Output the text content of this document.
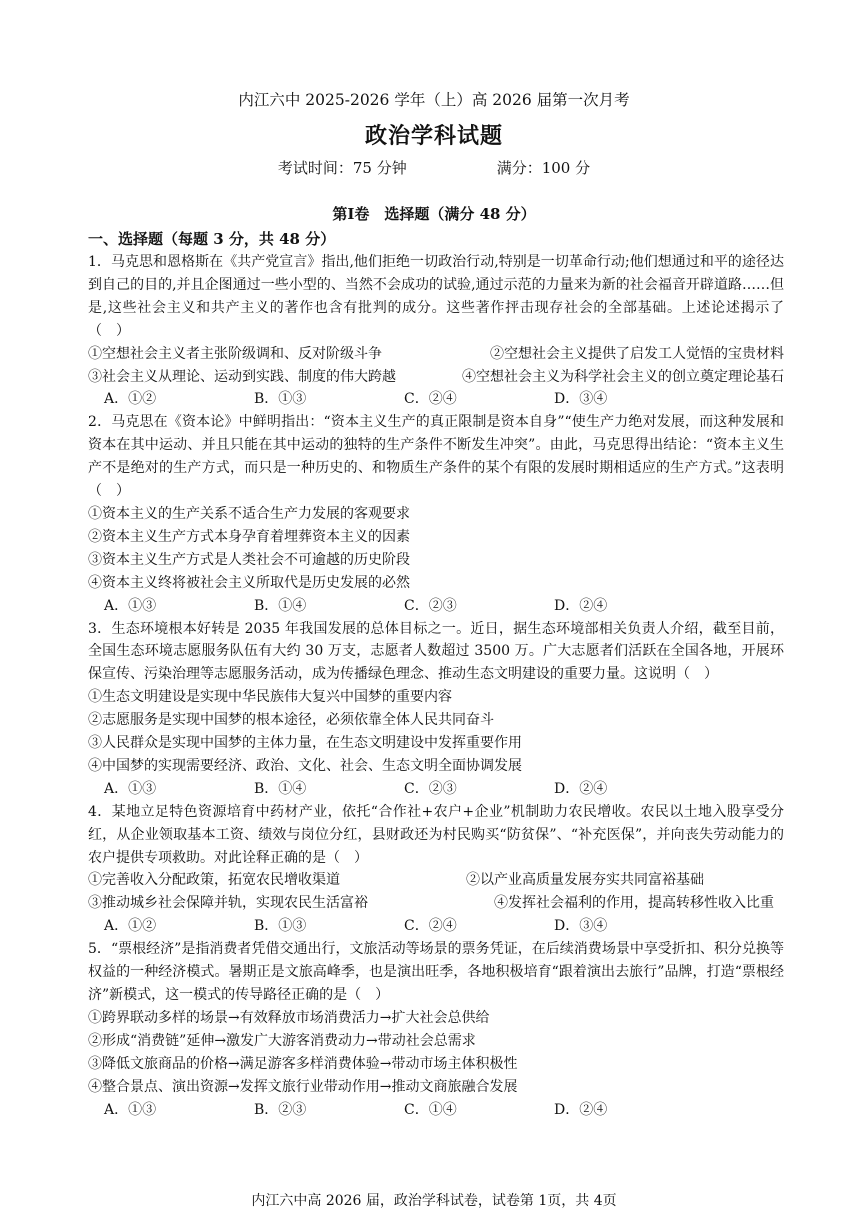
内江六中 2025-2026 学年（上）高 2026 届第一次月考
政治学科试题
考试时间：75 分钟	满分：100 分
第Ⅰ卷　选择题（满分 48 分）
一、选择题（每题 3 分，共 48 分）
1．马克思和恩格斯在《共产党宣言》指出,他们拒绝一切政治行动,特别是一切革命行动;他们想通过和平的途径达到自己的目的,并且企图通过一些小型的、当然不会成功的试验,通过示范的力量来为新的社会福音开辟道路……但是,这些社会主义和共产主义的著作也含有批判的成分。这些著作抨击现存社会的全部基础。上述论述揭示了（　）
①空想社会主义者主张阶级调和、反对阶级斗争	②空想社会主义提供了启发工人觉悟的宝贵材料
③社会主义从理论、运动到实践、制度的伟大跨越	④空想社会主义为科学社会主义的创立奠定理论基石
A．①②	B．①③	C．②④	D．③④
2．马克思在《资本论》中鲜明指出：“资本主义生产的真正限制是资本自身”“使生产力绝对发展，而这种发展和资本在其中运动、并且只能在其中运动的独特的生产条件不断发生冲突”。由此，马克思得出结论：“资本主义生产不是绝对的生产方式，而只是一种历史的、和物质生产条件的某个有限的发展时期相适应的生产方式。”这表明（　）
①资本主义的生产关系不适合生产力发展的客观要求
②资本主义生产方式本身孕育着埋葬资本主义的因素
③资本主义生产方式是人类社会不可逾越的历史阶段
④资本主义终将被社会主义所取代是历史发展的必然
A．①③	B．①④	C．②③	D．②④
3．生态环境根本好转是 2035 年我国发展的总体目标之一。近日，据生态环境部相关负责人介绍，截至目前，全国生态环境志愿服务队伍有大约 30 万支，志愿者人数超过 3500 万。广大志愿者们活跃在全国各地，开展环保宣传、污染治理等志愿服务活动，成为传播绿色理念、推动生态文明建设的重要力量。这说明（　）
①生态文明建设是实现中华民族伟大复兴中国梦的重要内容
②志愿服务是实现中国梦的根本途径，必须依靠全体人民共同奋斗
③人民群众是实现中国梦的主体力量，在生态文明建设中发挥重要作用
④中国梦的实现需要经济、政治、文化、社会、生态文明全面协调发展
A．①③	B．①④	C．②③	D．②④
4．某地立足特色资源培育中药材产业，依托“合作社+农户+企业”机制助力农民增收。农民以土地入股享受分红，从企业领取基本工资、绩效与岗位分红，县财政还为村民购买“防贫保”、“补充医保”，并向丧失劳动能力的农户提供专项救助。对此诠释正确的是（　）
①完善收入分配政策，拓宽农民增收渠道	②以产业高质量发展夯实共同富裕基础
③推动城乡社会保障并轨，实现农民生活富裕	④发挥社会福利的作用，提高转移性收入比重
A．①②	B．①③	C．②④	D．③④
5．“票根经济”是指消费者凭借交通出行，文旅活动等场景的票务凭证，在后续消费场景中享受折扣、积分兑换等权益的一种经济模式。暑期正是文旅高峰季，也是演出旺季，各地积极培育“跟着演出去旅行”品牌，打造“票根经济”新模式，这一模式的传导路径正确的是（　）
①跨界联动多样的场景→有效释放市场消费活力→扩大社会总供给
②形成“消费链”延伸→激发广大游客消费动力→带动社会总需求
③降低文旅商品的价格→满足游客多样消费体验→带动市场主体积极性
④整合景点、演出资源→发挥文旅行业带动作用→推动文商旅融合发展
A．①③	B．②③	C．①④	D．②④
内江六中高 2026 届，政治学科试卷，试卷第 1页，共 4页
